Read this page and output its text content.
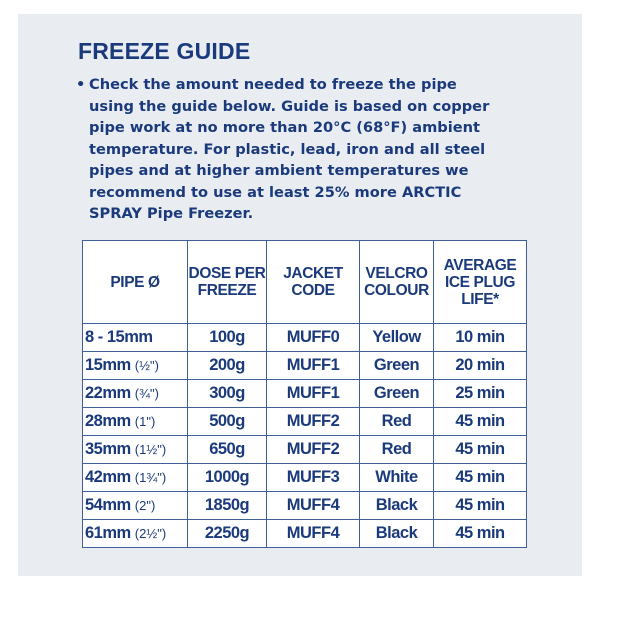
FREEZE GUIDE
• Check the amount needed to freeze the pipe
using the guide below. Guide is based on copper
pipe work at no more than 20°C (68°F) ambient
temperature. For plastic, lead, iron and all steel
pipes and at higher ambient temperatures we
recommend to use at least 25% more ARCTIC
SPRAY Pipe Freezer.
PIPE Ø	DOSE PER FREEZE	JACKET CODE	VELCRO COLOUR	AVERAGE ICE PLUG LIFE*
8 - 15mm	100g	MUFF0	Yellow	10 min
15mm (½")	200g	MUFF1	Green	20 min
22mm (¾")	300g	MUFF1	Green	25 min
28mm (1")	500g	MUFF2	Red	45 min
35mm (1½")	650g	MUFF2	Red	45 min
42mm (1¾")	1000g	MUFF3	White	45 min
54mm (2")	1850g	MUFF4	Black	45 min
61mm (2½")	2250g	MUFF4	Black	45 min
